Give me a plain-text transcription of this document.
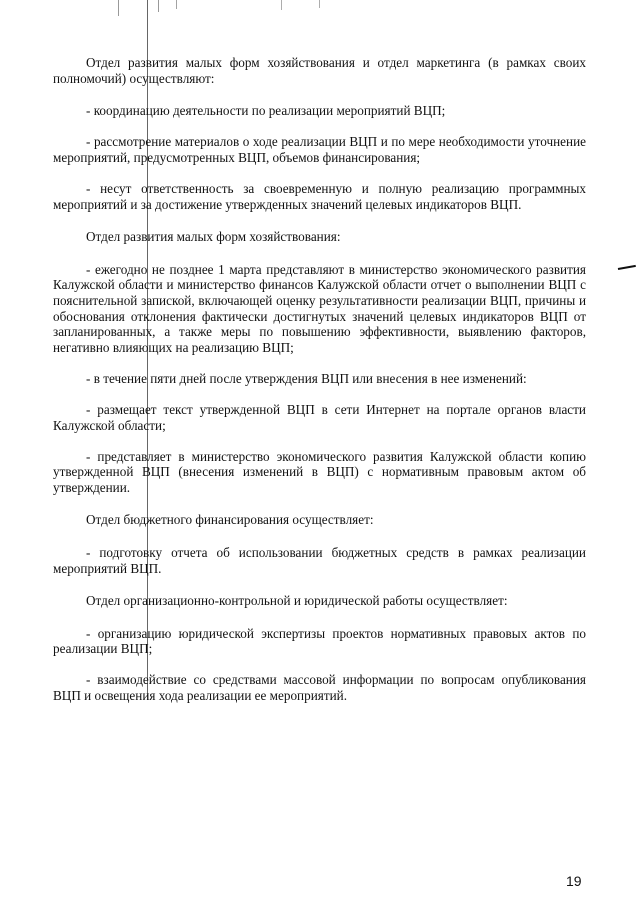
Отдел развития малых форм хозяйствования и отдел маркетинга (в рамках своих полномочий) осуществляют:

- координацию деятельности по реализации мероприятий ВЦП;

- рассмотрение материалов о ходе реализации ВЦП и по мере необходимости уточнение мероприятий, предусмотренных ВЦП, объемов финансирования;

- несут ответственность за своевременную и полную реализацию программных мероприятий и за достижение утвержденных значений целевых индикаторов ВЦП.

Отдел развития малых форм хозяйствования:

- ежегодно не позднее 1 марта представляют в министерство экономического развития Калужской области и министерство финансов Калужской области отчет о выполнении ВЦП с пояснительной запиской, включающей оценку результативности реализации ВЦП, причины и обоснования отклонения фактически достигнутых значений целевых индикаторов ВЦП от запланированных, а также меры по повышению эффективности, выявлению факторов, негативно влияющих на реализацию ВЦП;

- в течение пяти дней после утверждения ВЦП или внесения в нее изменений:

- размещает текст утвержденной ВЦП в сети Интернет на портале органов власти Калужской области;

- представляет в министерство экономического развития Калужской области копию утвержденной ВЦП (внесения изменений в ВЦП) с нормативным правовым актом об утверждении.

Отдел бюджетного финансирования осуществляет:

- подготовку отчета об использовании бюджетных средств в рамках реализации мероприятий ВЦП.

Отдел организационно-контрольной и юридической работы осуществляет:

- организацию юридической экспертизы проектов нормативных правовых актов по реализации ВЦП;

- взаимодействие со средствами массовой информации по вопросам опубликования ВЦП и освещения хода реализации ее мероприятий.

19
